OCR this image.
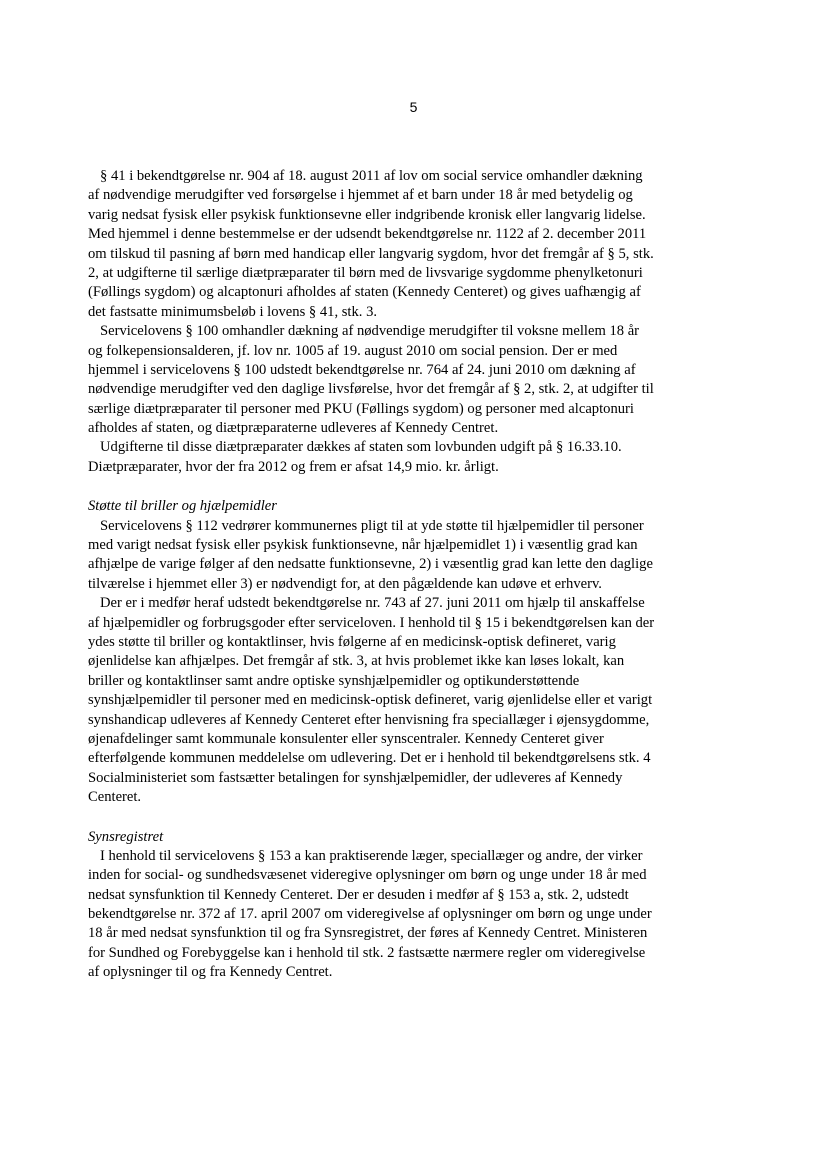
5
§ 41 i bekendtgørelse nr. 904 af 18. august 2011 af lov om social service omhandler dækning
af nødvendige merudgifter ved forsørgelse i hjemmet af et barn under 18 år med betydelig og
varig nedsat fysisk eller psykisk funktionsevne eller indgribende kronisk eller langvarig lidelse.
Med hjemmel i denne bestemmelse er der udsendt bekendtgørelse nr. 1122 af 2. december 2011
om tilskud til pasning af børn med handicap eller langvarig sygdom, hvor det fremgår af § 5, stk.
2, at udgifterne til særlige diætpræparater til børn med de livsvarige sygdomme phenylketonuri
(Føllings sygdom) og alcaptonuri afholdes af staten (Kennedy Centeret) og gives uafhængig af
det fastsatte minimumsbeløb i lovens § 41, stk. 3.
Servicelovens § 100 omhandler dækning af nødvendige merudgifter til voksne mellem 18 år
og folkepensionsalderen, jf. lov nr. 1005 af 19. august 2010 om social pension. Der er med
hjemmel i servicelovens § 100 udstedt bekendtgørelse nr. 764 af 24. juni 2010 om dækning af
nødvendige merudgifter ved den daglige livsførelse, hvor det fremgår af § 2, stk. 2, at udgifter til
særlige diætpræparater til personer med PKU (Føllings sygdom) og personer med alcaptonuri
afholdes af staten, og diætpræparaterne udleveres af Kennedy Centret.
Udgifterne til disse diætpræparater dækkes af staten som lovbunden udgift på § 16.33.10.
Diætpræparater, hvor der fra 2012 og frem er afsat 14,9 mio. kr. årligt.
Støtte til briller og hjælpemidler
Servicelovens § 112 vedrører kommunernes pligt til at yde støtte til hjælpemidler til personer
med varigt nedsat fysisk eller psykisk funktionsevne, når hjælpemidlet 1) i væsentlig grad kan
afhjælpe de varige følger af den nedsatte funktionsevne, 2) i væsentlig grad kan lette den daglige
tilværelse i hjemmet eller 3) er nødvendigt for, at den pågældende kan udøve et erhverv.
Der er i medfør heraf udstedt bekendtgørelse nr. 743 af 27. juni 2011 om hjælp til anskaffelse
af hjælpemidler og forbrugsgoder efter serviceloven. I henhold til § 15 i bekendtgørelsen kan der
ydes støtte til briller og kontaktlinser, hvis følgerne af en medicinsk-optisk defineret, varig
øjenlidelse kan afhjælpes. Det fremgår af stk. 3, at hvis problemet ikke kan løses lokalt, kan
briller og kontaktlinser samt andre optiske synshjælpemidler og optikunderstøttende
synshjælpemidler til personer med en medicinsk-optisk defineret, varig øjenlidelse eller et varigt
synshandicap udleveres af Kennedy Centeret efter henvisning fra speciallæger i øjensygdomme,
øjenafdelinger samt kommunale konsulenter eller synscentraler. Kennedy Centeret giver
efterfølgende kommunen meddelelse om udlevering. Det er i henhold til bekendtgørelsens stk. 4
Socialministeriet som fastsætter betalingen for synshjælpemidler, der udleveres af Kennedy
Centeret.
Synsregistret
I henhold til servicelovens § 153 a kan praktiserende læger, speciallæger og andre, der virker
inden for social- og sundhedsvæsenet videregive oplysninger om børn og unge under 18 år med
nedsat synsfunktion til Kennedy Centeret. Der er desuden i medfør af § 153 a, stk. 2, udstedt
bekendtgørelse nr. 372 af 17. april 2007 om videregivelse af oplysninger om børn og unge under
18 år med nedsat synsfunktion til og fra Synsregistret, der føres af Kennedy Centret. Ministeren
for Sundhed og Forebyggelse kan i henhold til stk. 2 fastsætte nærmere regler om videregivelse
af oplysninger til og fra Kennedy Centret.
